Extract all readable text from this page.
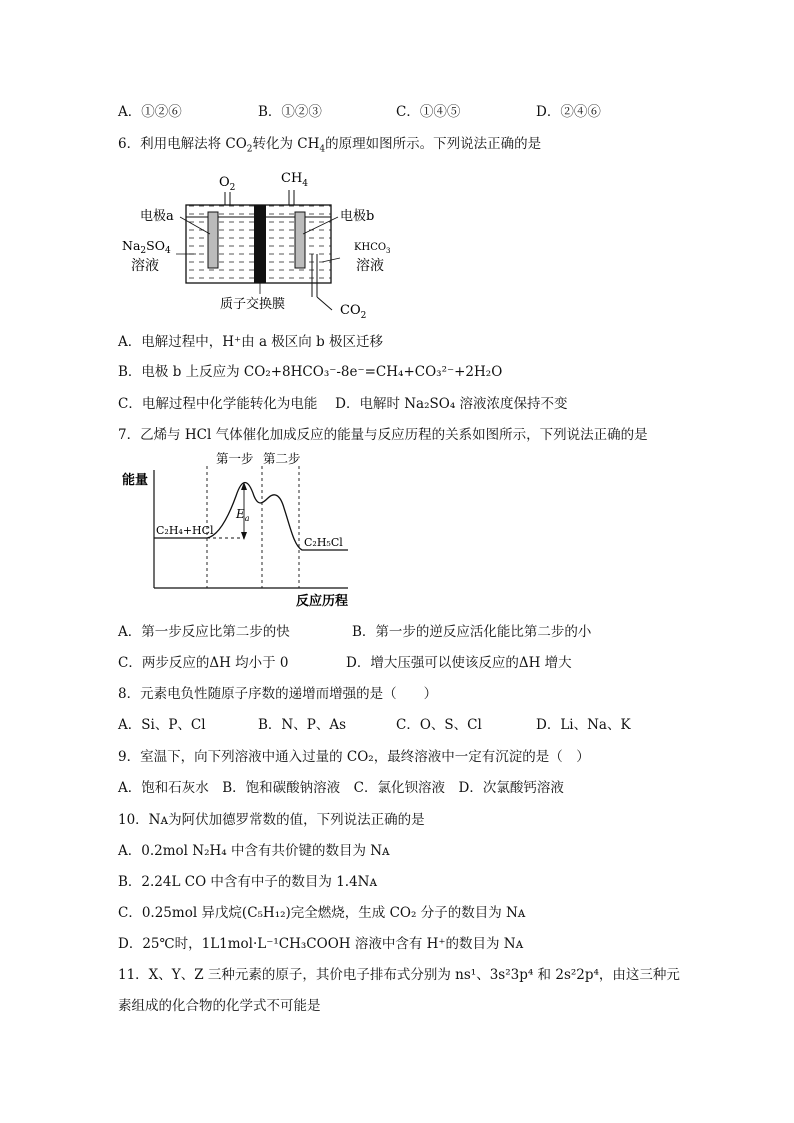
A．①②⑥	B．①②③	C．①④⑤	D．②④⑥
6．利用电解法将 $CO_2$转化为 $CH_4$的原理如图所示。下列说法正确的是
$O_2$
$CH_4$
电极a	电极b
$Na_2SO_4$
溶液
$KHCO_3$
溶液
质子交换膜	$CO_2$
A．电解过程中，H⁺由 a 极区向 b 极区迁移
B．电极 b 上反应为 CO₂+8HCO₃⁻-8e⁻=CH₄+CO₃²⁻+2H₂O
C．电解过程中化学能转化为电能　 D．电解时 Na₂SO₄ 溶液浓度保持不变
7．乙烯与 HCl 气体催化加成反应的能量与反应历程的关系如图所示，下列说法正确的是
能量
反应历程
第一步 第二步
C₂H₄+HCl
C₂H₅Cl
$E_a$
A．第一步反应比第二步的快	B．第一步的逆反应活化能比第二步的小
C．两步反应的ΔH 均小于 0	D．增大压强可以使该反应的ΔH 增大
8．元素电负性随原子序数的递增而增强的是（　　）
A．Si、P、Cl	B．N、P、As	C．O、S、Cl	D．Li、Na、K
9．室温下，向下列溶液中通入过量的 CO₂，最终溶液中一定有沉淀的是（　）
A．饱和石灰水　B．饱和碳酸钠溶液　C．氯化钡溶液　D．次氯酸钙溶液
10．Nᴀ为阿伏加德罗常数的值，下列说法正确的是
A．0.2mol N₂H₄ 中含有共价键的数目为 Nᴀ
B．2.24L CO 中含有中子的数目为 1.4Nᴀ
C．0.25mol 异戊烷(C₅H₁₂)完全燃烧，生成 CO₂ 分子的数目为 Nᴀ
D．25℃时，1L1mol·L⁻¹CH₃COOH 溶液中含有 H⁺的数目为 Nᴀ
11．X、Y、Z 三种元素的原子，其价电子排布式分别为 ns¹、3s²3p⁴ 和 2s²2p⁴，由这三种元
素组成的化合物的化学式不可能是
